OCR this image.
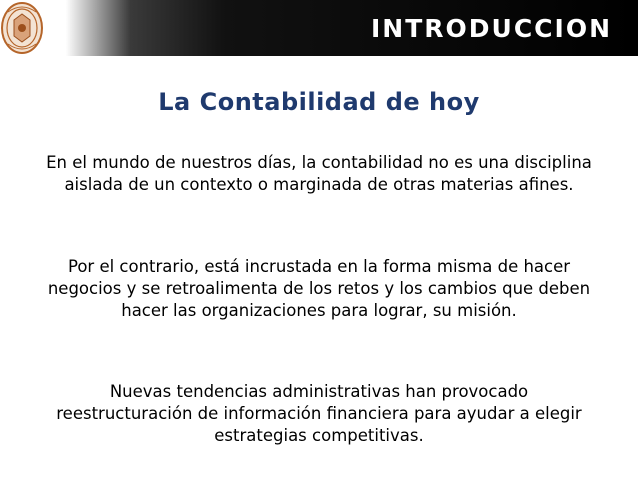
INTRODUCCION
La Contabilidad de hoy
En el mundo de nuestros días, la contabilidad no es una disciplina aislada de un contexto o marginada de otras materias afines.
Por el contrario, está incrustada en la forma misma de hacer negocios y se retroalimenta de los retos y los cambios que deben hacer las organizaciones para lograr, su misión.
Nuevas tendencias administrativas han provocado reestructuración de información financiera para ayudar a elegir estrategias competitivas.
